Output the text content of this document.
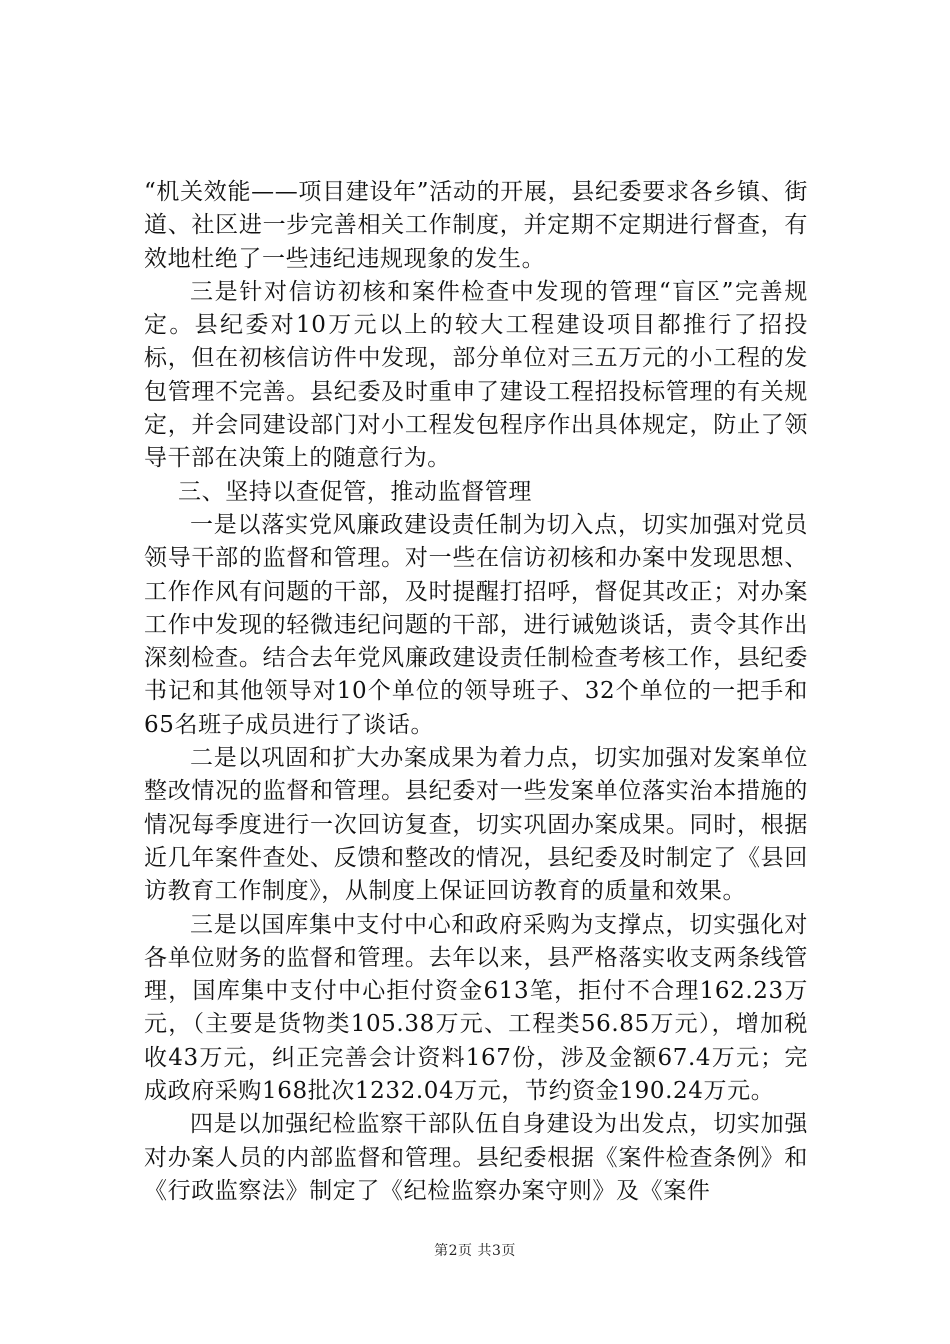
“机关效能——项目建设年”活动的开展，县纪委要求各乡镇、街道、社区进一步完善相关工作制度，并定期不定期进行督查，有效地杜绝了一些违纪违规现象的发生。

三是针对信访初核和案件检查中发现的管理“盲区”完善规定。县纪委对10万元以上的较大工程建设项目都推行了招投标，但在初核信访件中发现，部分单位对三五万元的小工程的发包管理不完善。县纪委及时重申了建设工程招投标管理的有关规定，并会同建设部门对小工程发包程序作出具体规定，防止了领导干部在决策上的随意行为。

三、坚持以查促管，推动监督管理

一是以落实党风廉政建设责任制为切入点，切实加强对党员领导干部的监督和管理。对一些在信访初核和办案中发现思想、工作作风有问题的干部，及时提醒打招呼，督促其改正；对办案工作中发现的轻微违纪问题的干部，进行诫勉谈话，责令其作出深刻检查。结合去年党风廉政建设责任制检查考核工作，县纪委书记和其他领导对10个单位的领导班子、32个单位的一把手和65名班子成员进行了谈话。

二是以巩固和扩大办案成果为着力点，切实加强对发案单位整改情况的监督和管理。县纪委对一些发案单位落实治本措施的情况每季度进行一次回访复查，切实巩固办案成果。同时，根据近几年案件查处、反馈和整改的情况，县纪委及时制定了《县回访教育工作制度》，从制度上保证回访教育的质量和效果。

三是以国库集中支付中心和政府采购为支撑点，切实强化对各单位财务的监督和管理。去年以来，县严格落实收支两条线管理，国库集中支付中心拒付资金613笔，拒付不合理162.23万元，（主要是货物类105.38万元、工程类56.85万元），增加税收43万元，纠正完善会计资料167份，涉及金额67.4万元；完成政府采购168批次1232.04万元，节约资金190.24万元。

四是以加强纪检监察干部队伍自身建设为出发点，切实加强对办案人员的内部监督和管理。县纪委根据《案件检查条例》和《行政监察法》制定了《纪检监察办案守则》及《案件

第2页 共3页
